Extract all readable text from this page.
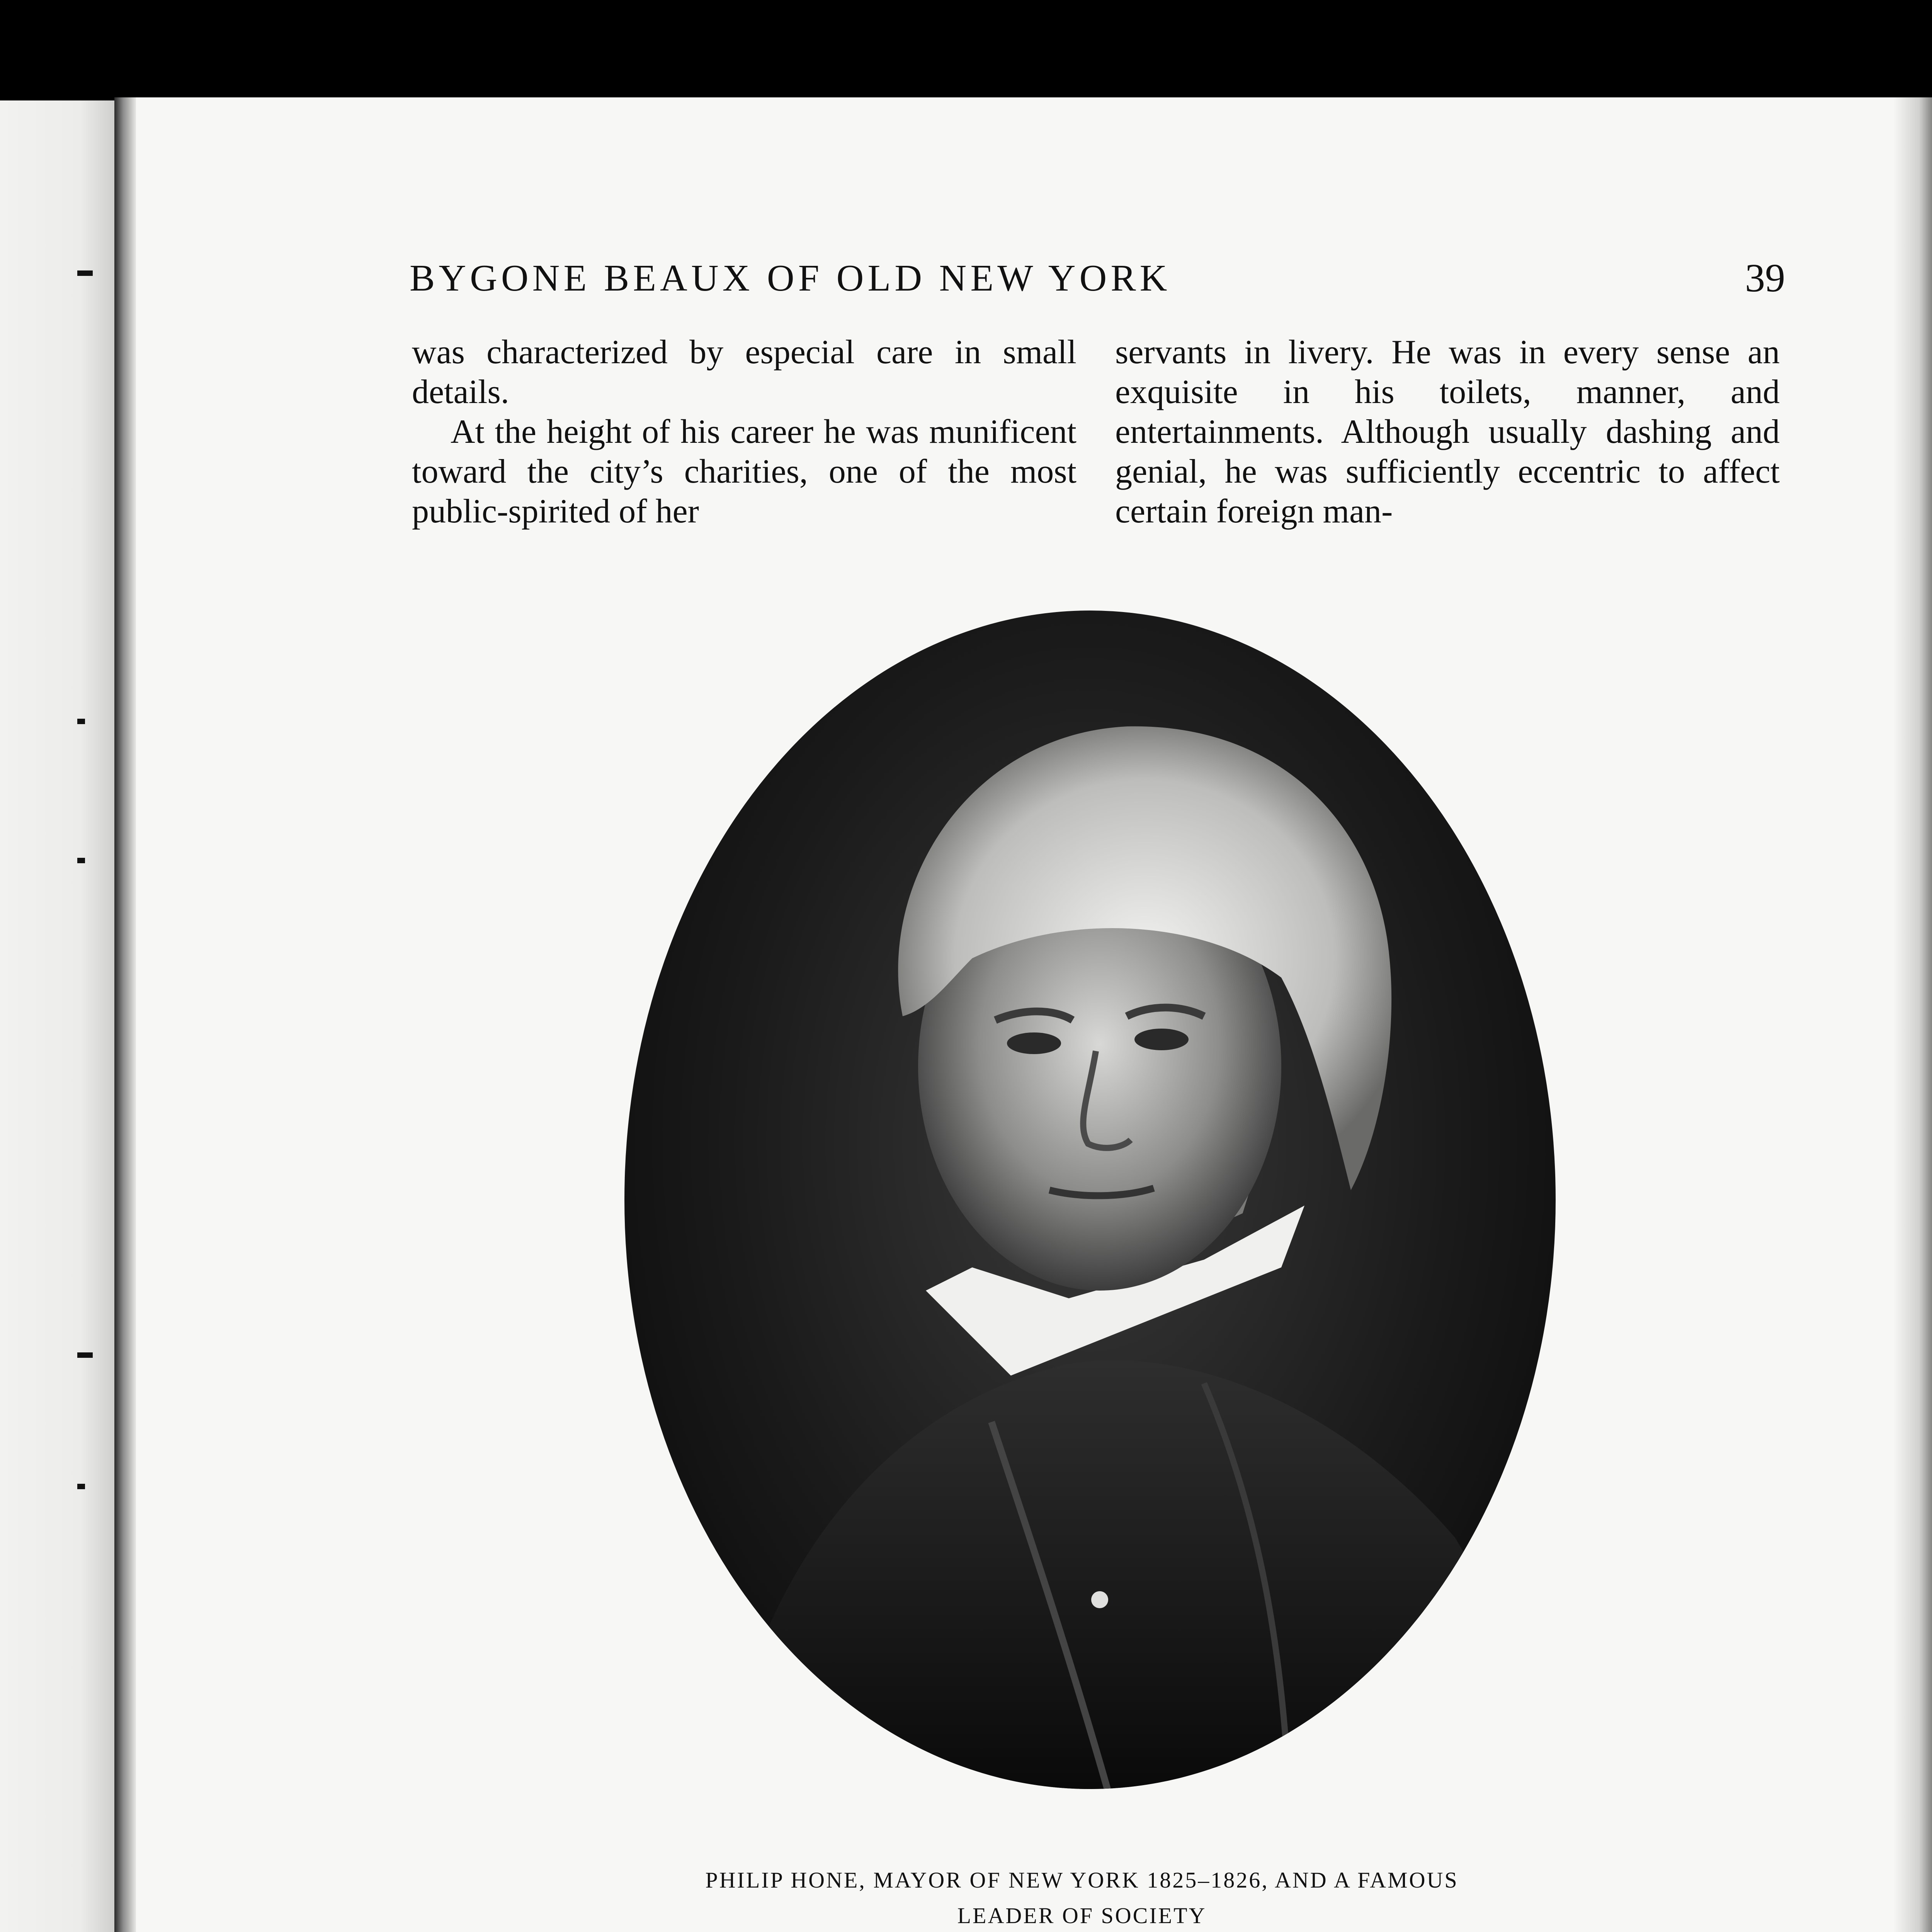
BYGONE BEAUX OF OLD NEW YORK	39

was characterized by especial care in small details.

At the height of his career he was munificent toward the city’s charities, one of the most public-spirited of her

servants in livery. He was in every sense an exquisite in his toilets, manner, and entertainments. Although usually dashing and genial, he was sufficiently eccentric to affect certain foreign man-

PHILIP HONE, MAYOR OF NEW YORK 1825–1826, AND A FAMOUS
LEADER OF SOCIETY
